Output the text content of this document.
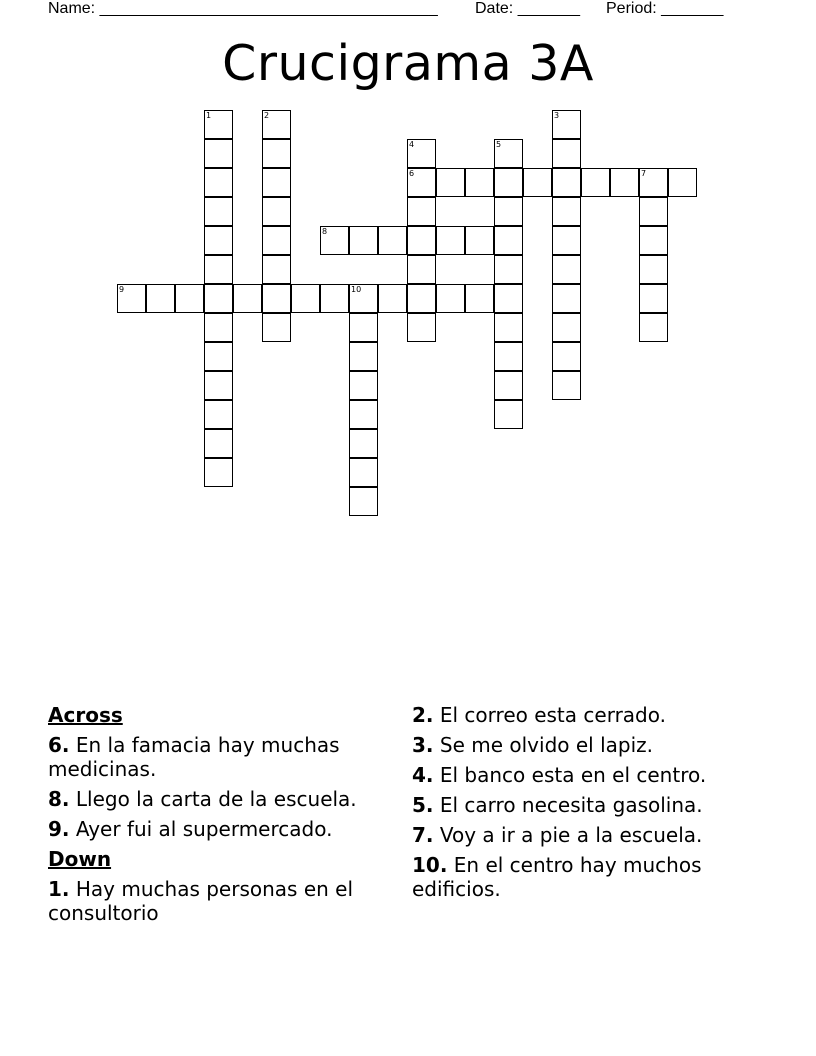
Name: ______________________________________ Date: _______ Period: _______
Crucigrama 3A
1	2	3
4
6
5
7
8
9	10
Across
6. En la famacia hay muchas medicinas.
8. Llego la carta de la escuela.
9. Ayer fui al supermercado.
Down
1. Hay muchas personas en el consultorio
2. El correo esta cerrado.
3. Se me olvido el lapiz.
4. El banco esta en el centro.
5. El carro necesita gasolina.
7. Voy a ir a pie a la escuela.
10. En el centro hay muchos edificios.
